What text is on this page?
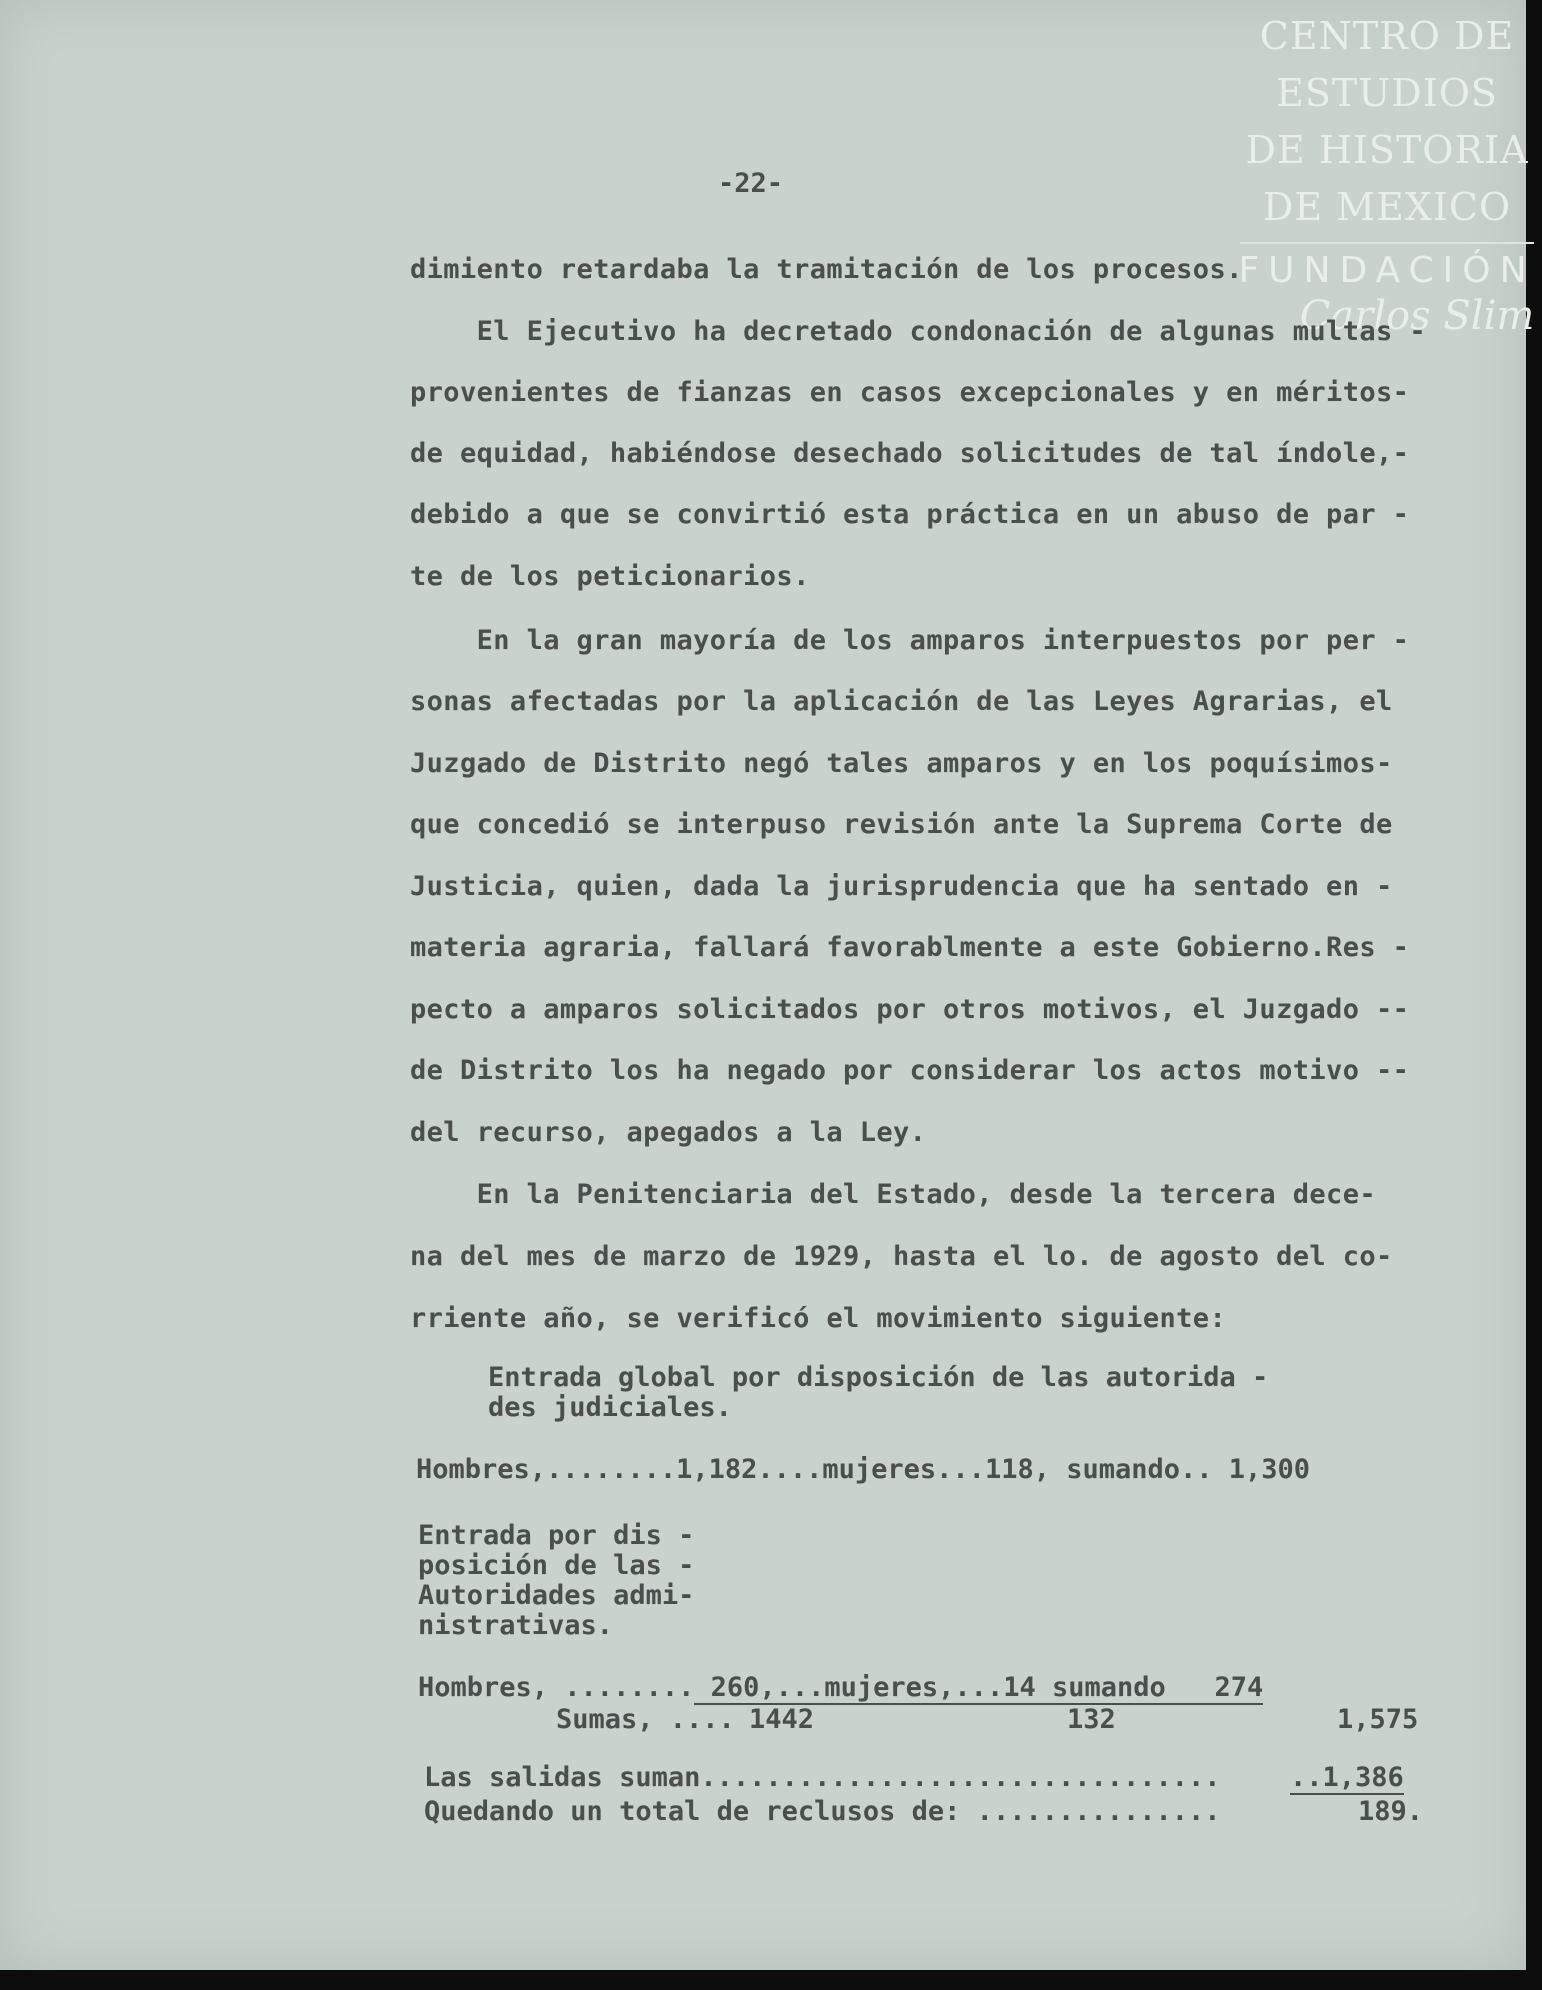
CENTRO DE
ESTUDIOS
DE HISTORIA
DE MEXICO
FUNDACIÓN
Carlos Slim
-22-
dimiento retardaba la tramitación de los procesos.
El Ejecutivo ha decretado condonación de algunas multas -
provenientes de fianzas en casos excepcionales y en méritos-
de equidad, habiéndose desechado solicitudes de tal índole,-
debido a que se convirtió esta práctica en un abuso de par -
te de los peticionarios.
En la gran mayoría de los amparos interpuestos por per -
sonas afectadas por la aplicación de las Leyes Agrarias, el
Juzgado de Distrito negó tales amparos y en los poquísimos-
que concedió se interpuso revisión ante la Suprema Corte de
Justicia, quien, dada la jurisprudencia que ha sentado en -
materia agraria, fallará favorablmente a este Gobierno.Res -
pecto a amparos solicitados por otros motivos, el Juzgado --
de Distrito los ha negado por considerar los actos motivo --
del recurso, apegados a la Ley.
En la Penitenciaria del Estado, desde la tercera dece-
na del mes de marzo de 1929, hasta el lo. de agosto del co-
rriente año, se verificó el movimiento siguiente:
Entrada global por disposición de las autorida -
des judiciales.
Hombres,........1,182....mujeres...118, sumando.. 1,300
Entrada por dis -
posición de las -
Autoridades admi-
nistrativas.
Hombres, ........ 260,...mujeres,...14 sumando   274
Sumas, .... 1442	132	1,575
Las salidas suman................................	..1,386
Quedando un total de reclusos de: ...............	189.
